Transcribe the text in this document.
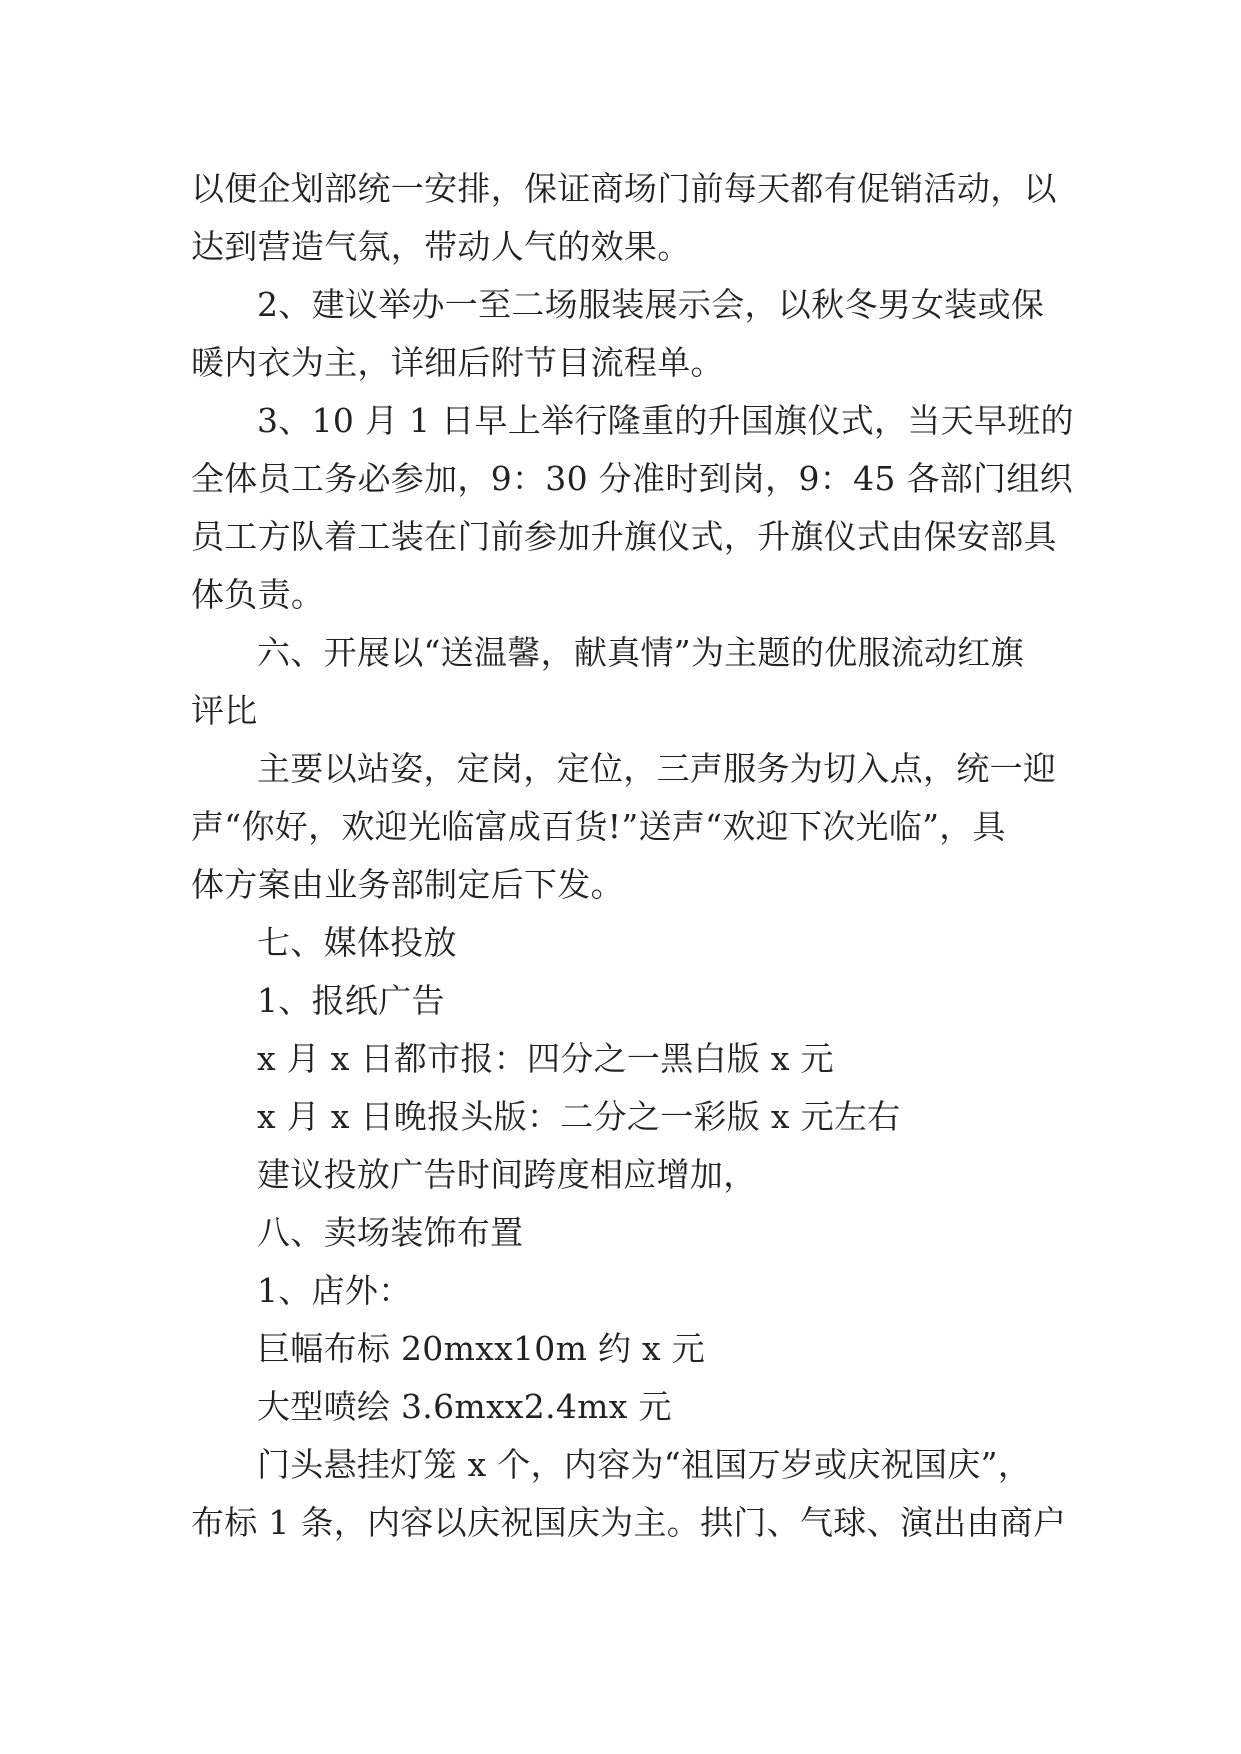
以便企划部统一安排，保证商场门前每天都有促销活动，以
达到营造气氛，带动人气的效果。
2、建议举办一至二场服装展示会，以秋冬男女装或保
暖内衣为主，详细后附节目流程单。
3、10 月 1 日早上举行隆重的升国旗仪式，当天早班的
全体员工务必参加，9：30 分准时到岗，9：45 各部门组织
员工方队着工装在门前参加升旗仪式，升旗仪式由保安部具
体负责。
六、开展以“送温馨，献真情”为主题的优服流动红旗
评比
主要以站姿，定岗，定位，三声服务为切入点，统一迎
声“你好，欢迎光临富成百货!”送声“欢迎下次光临”，具
体方案由业务部制定后下发。
七、媒体投放
1、报纸广告
x 月 x 日都市报：四分之一黑白版 x 元
x 月 x 日晚报头版：二分之一彩版 x 元左右
建议投放广告时间跨度相应增加，
八、卖场装饰布置
1、店外：
巨幅布标 20mxx10m 约 x 元
大型喷绘 3.6mxx2.4mx 元
门头悬挂灯笼 x 个，内容为“祖国万岁或庆祝国庆”，
布标 1 条，内容以庆祝国庆为主。拱门、气球、演出由商户
